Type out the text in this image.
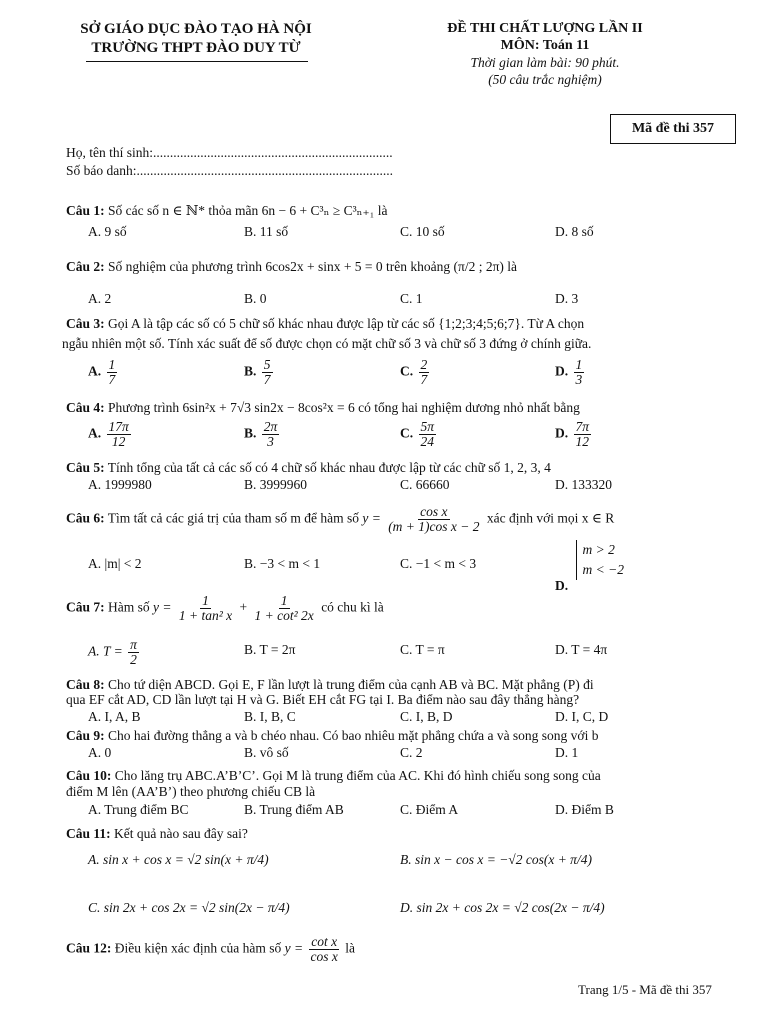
SỞ GIÁO DỤC ĐÀO TẠO HÀ NỘI
TRƯỜNG THPT ĐÀO DUY TỪ
ĐỀ THI CHẤT LƯỢNG LẦN II
MÔN: Toán 11
Thời gian làm bài: 90 phút.
(50 câu trắc nghiệm)
Mã đề thi 357
Họ, tên thí sinh:.......................................................................
Số báo danh:............................................................................
Câu 1: Số các số n ∈ ℕ* thỏa mãn 6n − 6 + C³ₙ ≥ C³ₙ₊₁ là
A. 9 số	B. 11 số	C. 10 số	D. 8 số
Câu 2: Số nghiệm của phương trình 6cos2x + sinx + 5 = 0 trên khoảng (π/2 ; 2π) là
A. 2	B. 0	C. 1	D. 3
Câu 3: Gọi A là tập các số có 5 chữ số khác nhau được lập từ các số {1;2;3;4;5;6;7}. Từ A chọn
ngẫu nhiên một số. Tính xác suất để số được chọn có mặt chữ số 3 và chữ số 3 đứng ở chính giữa.
A. $\frac{1}{7}$	B. $\frac{5}{7}$	C. $\frac{2}{7}$	D. $\frac{1}{3}$
Câu 4: Phương trình 6sin²x + 7√3 sin2x − 8cos²x = 6 có tổng hai nghiệm dương nhỏ nhất bằng
A. $\frac{17\pi}{12}$	B. $\frac{2\pi}{3}$	C. $\frac{5\pi}{24}$	D. $\frac{7\pi}{12}$
Câu 5: Tính tổng của tất cả các số có 4 chữ số khác nhau được lập từ các chữ số 1, 2, 3, 4
A. 1999980	B. 3999960	C. 66660	D. 133320
Câu 6: Tìm tất cả các giá trị của tham số m để hàm số $y = \frac{\text{cos x}}{\text{(m + 1)cos x − 2}}$ xác định với mọi x ∈ R
A. |m| < 2	B. −3 < m < 1	C. −1 < m < 3
D.
m > 2
m < −2
Câu 7: Hàm số $y = \frac{1}{\text{1 + tan² x}} + \frac{1}{\text{1 + cot² 2x}}$ có chu kì là
A. $T = \frac{\pi}{2}$	B. T = 2π	C. T = π	D. T = 4π
Câu 8: Cho tứ diện ABCD. Gọi E, F lần lượt là trung điểm của cạnh AB và BC. Mặt phẳng (P) đi
qua EF cắt AD, CD lần lượt tại H và G. Biết EH cắt FG tại I. Ba điểm nào sau đây thẳng hàng?
A. I, A, B	B. I, B, C	C. I, B, D	D. I, C, D
Câu 9: Cho hai đường thẳng a và b chéo nhau. Có bao nhiêu mặt phẳng chứa a và song song với b
A. 0	B. vô số	C. 2	D. 1
Câu 10: Cho lăng trụ ABC.A’B’C’. Gọi M là trung điểm của AC. Khi đó hình chiếu song song của
điểm M lên (AA’B’) theo phương chiếu CB là
A. Trung điểm BC	B. Trung điểm AB	C. Điểm A	D. Điểm B
Câu 11: Kết quả nào sau đây sai?
A. sin x + cos x = √2 sin(x + π/4)	B. sin x − cos x = −√2 cos(x + π/4)
C. sin 2x + cos 2x = √2 sin(2x − π/4)	D. sin 2x + cos 2x = √2 cos(2x − π/4)
Câu 12: Điều kiện xác định của hàm số $y = \frac{\text{cot x}}{\text{cos x}}$ là
Trang 1/5 - Mã đề thi 357
